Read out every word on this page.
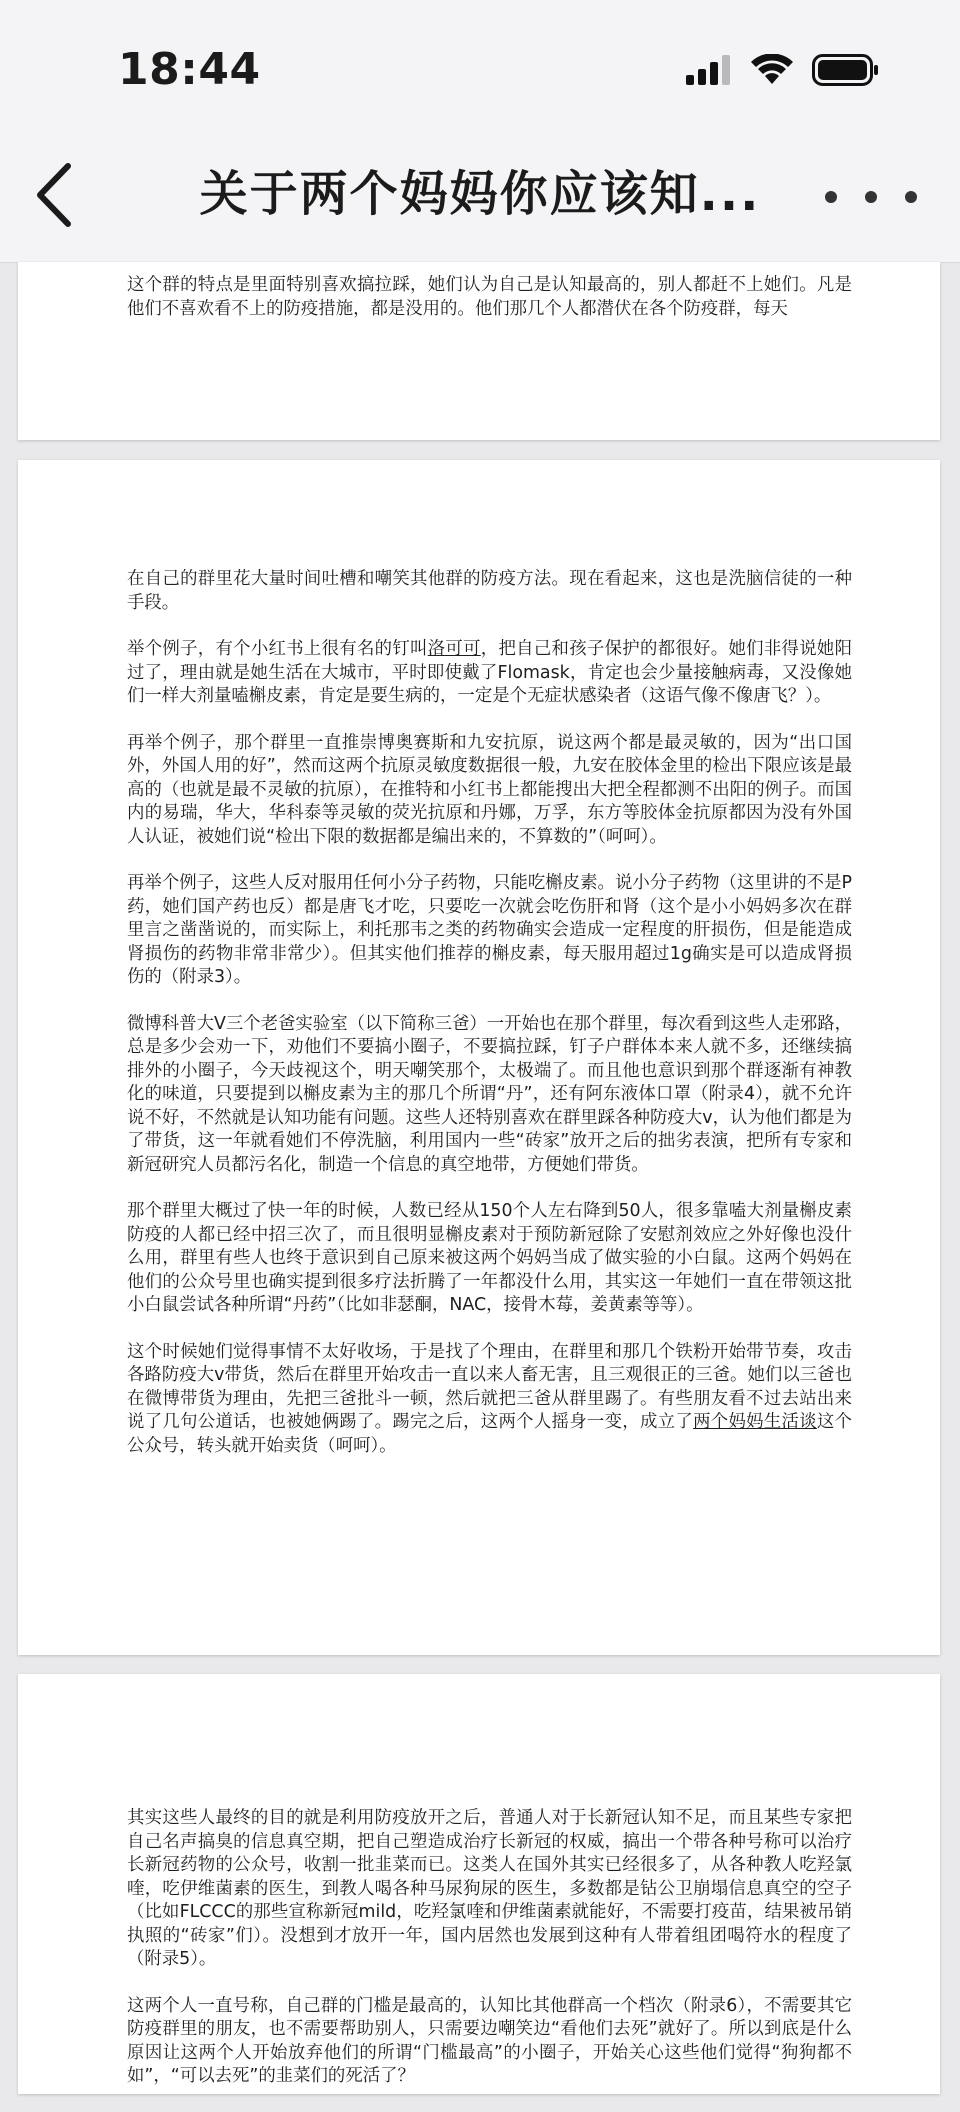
18:44
关于两个妈妈你应该知...

这个群的特点是里面特别喜欢搞拉踩，她们认为自己是认知最高的，别人都赶不上她们。凡是他们不喜欢看不上的防疫措施，都是没用的。他们那几个人都潜伏在各个防疫群，每天

在自己的群里花大量时间吐槽和嘲笑其他群的防疫方法。现在看起来，这也是洗脑信徒的一种手段。

举个例子，有个小红书上很有名的钉叫洛可可，把自己和孩子保护的都很好。她们非得说她阳过了，理由就是她生活在大城市，平时即使戴了Flomask，肯定也会少量接触病毒，又没像她们一样大剂量嗑槲皮素，肯定是要生病的，一定是个无症状感染者（这语气像不像唐飞？）。

再举个例子，那个群里一直推崇博奥赛斯和九安抗原，说这两个都是最灵敏的，因为“出口国外，外国人用的好”，然而这两个抗原灵敏度数据很一般，九安在胶体金里的检出下限应该是最高的（也就是最不灵敏的抗原），在推特和小红书上都能搜出大把全程都测不出阳的例子。而国内的易瑞，华大，华科泰等灵敏的荧光抗原和丹娜，万孚，东方等胶体金抗原都因为没有外国人认证，被她们说“检出下限的数据都是编出来的，不算数的”（呵呵）。

再举个例子，这些人反对服用任何小分子药物，只能吃槲皮素。说小分子药物（这里讲的不是P药，她们国产药也反）都是唐飞才吃，只要吃一次就会吃伤肝和肾（这个是小小妈妈多次在群里言之凿凿说的，而实际上，利托那韦之类的药物确实会造成一定程度的肝损伤，但是能造成肾损伤的药物非常非常少）。但其实他们推荐的槲皮素，每天服用超过1g确实是可以造成肾损伤的（附录3）。

微博科普大V三个老爸实验室（以下简称三爸）一开始也在那个群里，每次看到这些人走邪路，总是多少会劝一下，劝他们不要搞小圈子，不要搞拉踩，钉子户群体本来人就不多，还继续搞排外的小圈子，今天歧视这个，明天嘲笑那个，太极端了。而且他也意识到那个群逐渐有神教化的味道，只要提到以槲皮素为主的那几个所谓“丹”，还有阿东液体口罩（附录4），就不允许说不好，不然就是认知功能有问题。这些人还特别喜欢在群里踩各种防疫大v，认为他们都是为了带货，这一年就看她们不停洗脑，利用国内一些“砖家”放开之后的拙劣表演，把所有专家和新冠研究人员都污名化，制造一个信息的真空地带，方便她们带货。

那个群里大概过了快一年的时候，人数已经从150个人左右降到50人，很多靠嗑大剂量槲皮素防疫的人都已经中招三次了，而且很明显槲皮素对于预防新冠除了安慰剂效应之外好像也没什么用，群里有些人也终于意识到自己原来被这两个妈妈当成了做实验的小白鼠。这两个妈妈在他们的公众号里也确实提到很多疗法折腾了一年都没什么用，其实这一年她们一直在带领这批小白鼠尝试各种所谓“丹药”（比如非瑟酮，NAC，接骨木莓，姜黄素等等）。

这个时候她们觉得事情不太好收场，于是找了个理由，在群里和那几个铁粉开始带节奏，攻击各路防疫大v带货，然后在群里开始攻击一直以来人畜无害，且三观很正的三爸。她们以三爸也在微博带货为理由，先把三爸批斗一顿，然后就把三爸从群里踢了。有些朋友看不过去站出来说了几句公道话，也被她俩踢了。踢完之后，这两个人摇身一变，成立了两个妈妈生活谈这个公众号，转头就开始卖货（呵呵）。

其实这些人最终的目的就是利用防疫放开之后，普通人对于长新冠认知不足，而且某些专家把自己名声搞臭的信息真空期，把自己塑造成治疗长新冠的权威，搞出一个带各种号称可以治疗长新冠药物的公众号，收割一批韭菜而已。这类人在国外其实已经很多了，从各种教人吃羟氯喹，吃伊维菌素的医生，到教人喝各种马尿狗尿的医生，多数都是钻公卫崩塌信息真空的空子（比如FLCCC的那些宣称新冠mild，吃羟氯喹和伊维菌素就能好，不需要打疫苗，结果被吊销执照的“砖家”们）。没想到才放开一年，国内居然也发展到这种有人带着组团喝符水的程度了（附录5）。

这两个人一直号称，自己群的门槛是最高的，认知比其他群高一个档次（附录6），不需要其它防疫群里的朋友，也不需要帮助别人，只需要边嘲笑边“看他们去死”就好了。所以到底是什么原因让这两个人开始放弃他们的所谓“门槛最高”的小圈子，开始关心这些他们觉得“狗狗都不如”，“可以去死”的韭菜们的死活了？
